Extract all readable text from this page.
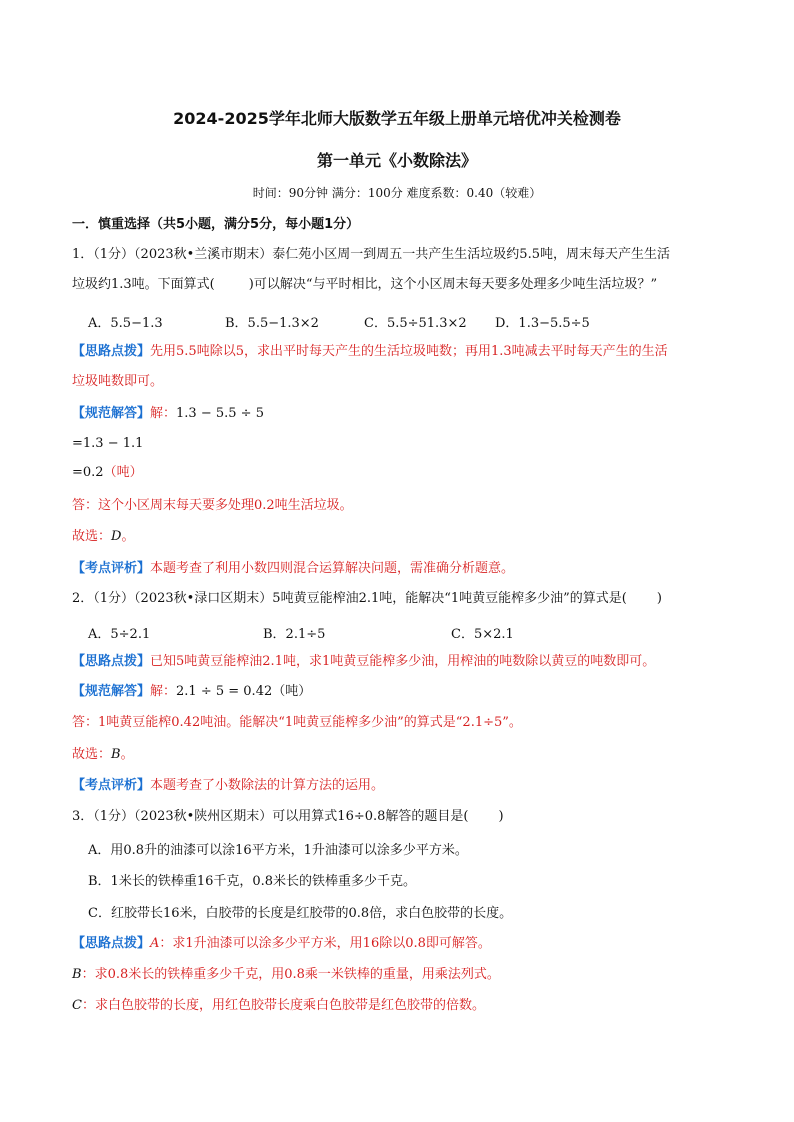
2024-2025学年北师大版数学五年级上册单元培优冲关检测卷
第一单元《小数除法》
时间：90分钟 满分：100分 难度系数：0.40（较难）
一．慎重选择（共5小题，满分5分，每小题1分）
1．（1分）（2023秋•兰溪市期末）泰仁苑小区周一到周五一共产生生活垃圾约5.5吨，周末每天产生生活
垃圾约1.3吨。下面算式(	)可以解决“与平时相比，这个小区周末每天要多处理多少吨生活垃圾？”
A．5.5−1.3	B．5.5−1.3×2	C．5.5÷51.3×2 D．1.3−5.5÷5
【思路点拨】先用5.5吨除以5，求出平时每天产生的生活垃圾吨数；再用1.3吨减去平时每天产生的生活
垃圾吨数即可。
【规范解答】解：1.3 − 5.5 ÷ 5
=1.3 − 1.1
=0.2（吨）
答：这个小区周末每天要多处理0.2吨生活垃圾。
故选：D。
【考点评析】本题考查了利用小数四则混合运算解决问题，需准确分析题意。
2．（1分）（2023秋•渌口区期末）5吨黄豆能榨油2.1吨，能解决“1吨黄豆能榨多少油”的算式是( )
A．5÷2.1	B．2.1÷5	C．5×2.1
【思路点拨】已知5吨黄豆能榨油2.1吨，求1吨黄豆能榨多少油，用榨油的吨数除以黄豆的吨数即可。
【规范解答】解：2.1 ÷ 5 = 0.42（吨）
答：1吨黄豆能榨0.42吨油。能解决“1吨黄豆能榨多少油”的算式是“2.1÷5”。
故选：B。
【考点评析】本题考查了小数除法的计算方法的运用。
3．（1分）（2023秋•陕州区期末）可以用算式16÷0.8解答的题目是( )
A．用0.8升的油漆可以涂16平方米，1升油漆可以涂多少平方米。
B．1米长的铁棒重16千克，0.8米长的铁棒重多少千克。
C．红胶带长16米，白胶带的长度是红胶带的0.8倍，求白色胶带的长度。
【思路点拨】A：求1升油漆可以涂多少平方米，用16除以0.8即可解答。
B：求0.8米长的铁棒重多少千克，用0.8乘一米铁棒的重量，用乘法列式。
C：求白色胶带的长度，用红色胶带长度乘白色胶带是红色胶带的倍数。
